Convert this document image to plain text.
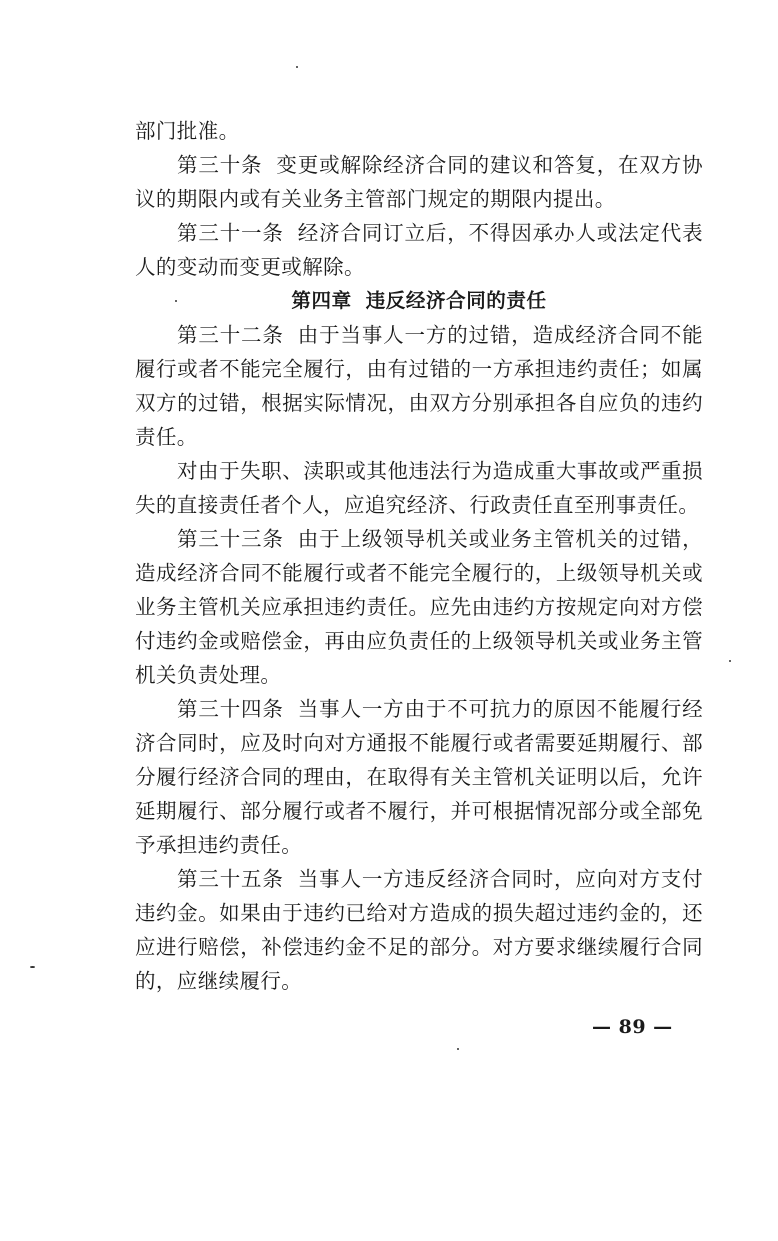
部门批准。

第三十条 变更或解除经济合同的建议和答复，在双方协议的期限内或有关业务主管部门规定的期限内提出。

第三十一条 经济合同订立后，不得因承办人或法定代表人的变动而变更或解除。

第四章 违反经济合同的责任

第三十二条 由于当事人一方的过错，造成经济合同不能履行或者不能完全履行，由有过错的一方承担违约责任；如属双方的过错，根据实际情况，由双方分别承担各自应负的违约责任。

对由于失职、渎职或其他违法行为造成重大事故或严重损失的直接责任者个人，应追究经济、行政责任直至刑事责任。

第三十三条 由于上级领导机关或业务主管机关的过错，造成经济合同不能履行或者不能完全履行的，上级领导机关或业务主管机关应承担违约责任。应先由违约方按规定向对方偿付违约金或赔偿金，再由应负责任的上级领导机关或业务主管机关负责处理。

第三十四条 当事人一方由于不可抗力的原因不能履行经济合同时，应及时向对方通报不能履行或者需要延期履行、部分履行经济合同的理由，在取得有关主管机关证明以后，允许延期履行、部分履行或者不履行，并可根据情况部分或全部免予承担违约责任。

第三十五条 当事人一方违反经济合同时，应向对方支付违约金。如果由于违约已给对方造成的损失超过违约金的，还应进行赔偿，补偿违约金不足的部分。对方要求继续履行合同的，应继续履行。

— 89 —
